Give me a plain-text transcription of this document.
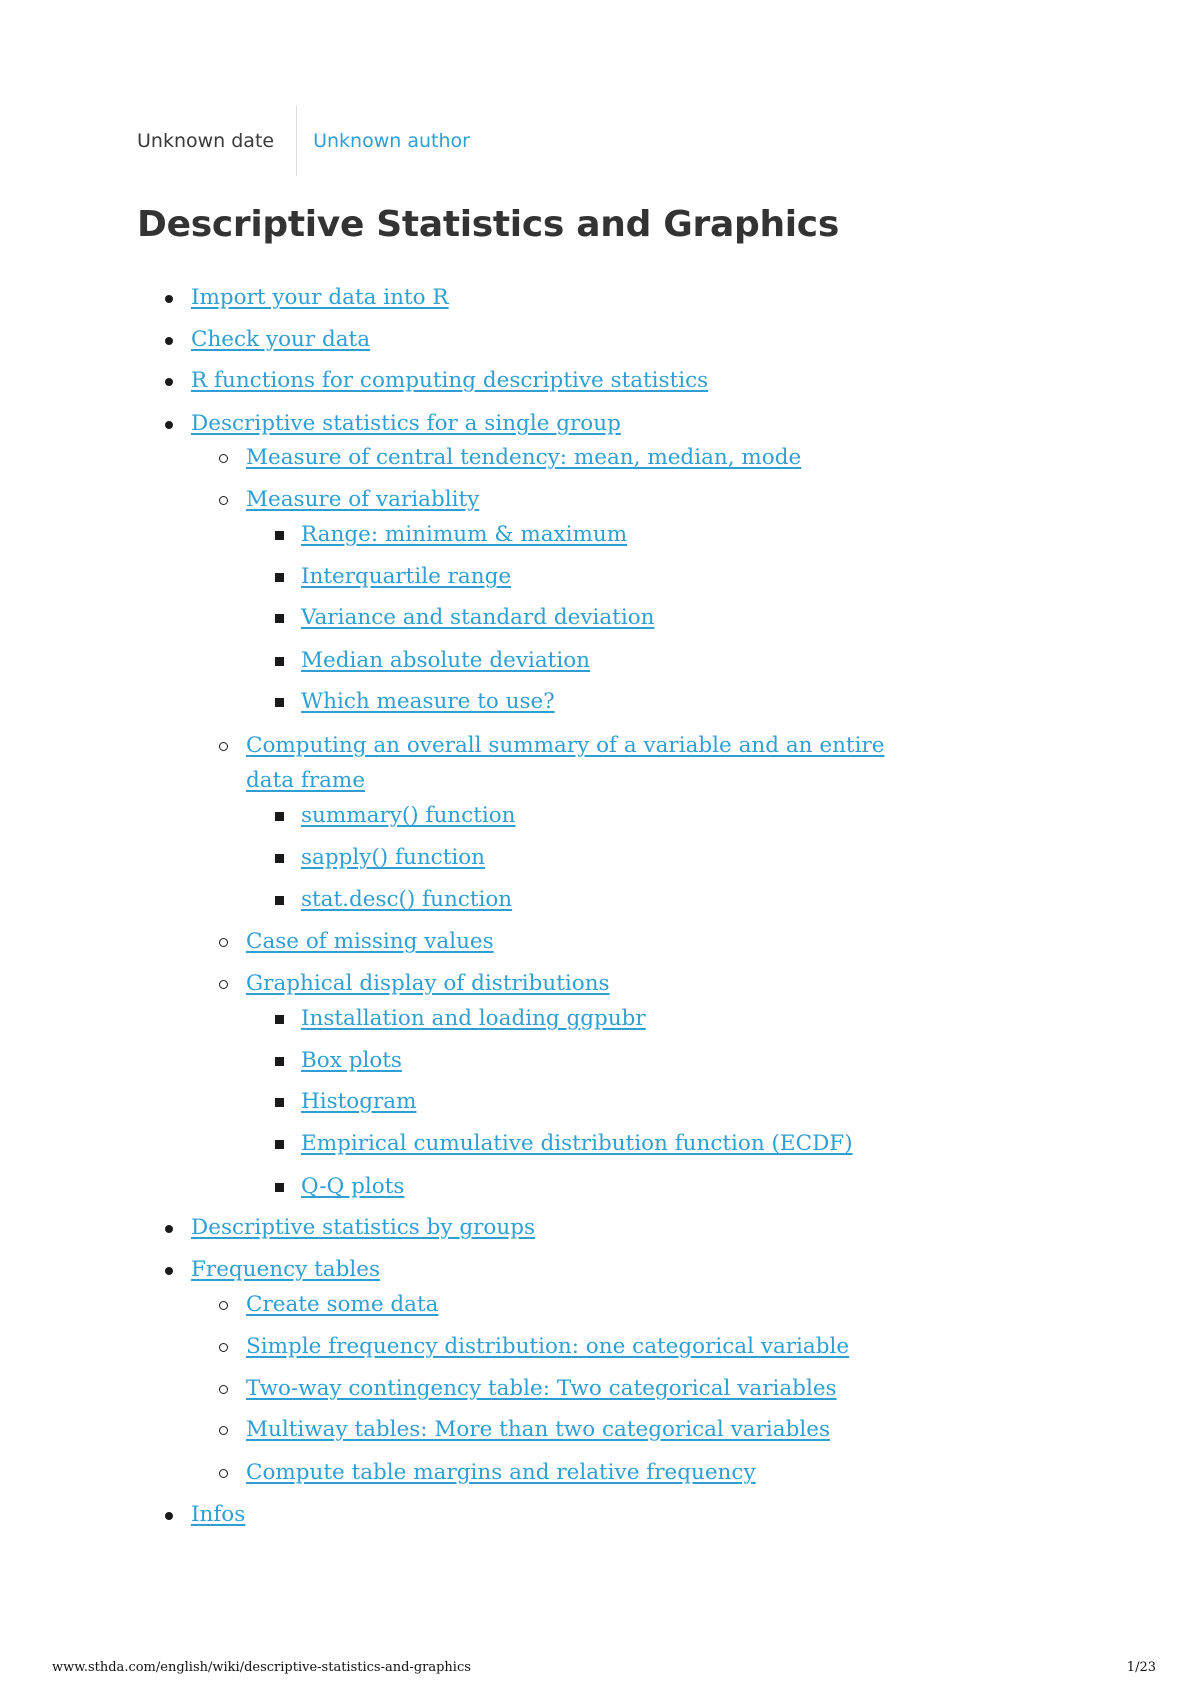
Unknown date	Unknown author
Descriptive Statistics and Graphics
Import your data into R
Check your data
R functions for computing descriptive statistics
Descriptive statistics for a single group
Measure of central tendency: mean, median, mode
Measure of variablity
Range: minimum & maximum
Interquartile range
Variance and standard deviation
Median absolute deviation
Which measure to use?
Computing an overall summary of a variable and an entire
data frame
summary() function
sapply() function
stat.desc() function
Case of missing values
Graphical display of distributions
Installation and loading ggpubr
Box plots
Histogram
Empirical cumulative distribution function (ECDF)
Q-Q plots
Descriptive statistics by groups
Frequency tables
Create some data
Simple frequency distribution: one categorical variable
Two-way contingency table: Two categorical variables
Multiway tables: More than two categorical variables
Compute table margins and relative frequency
Infos
www.sthda.com/english/wiki/descriptive-statistics-and-graphics	1/23
